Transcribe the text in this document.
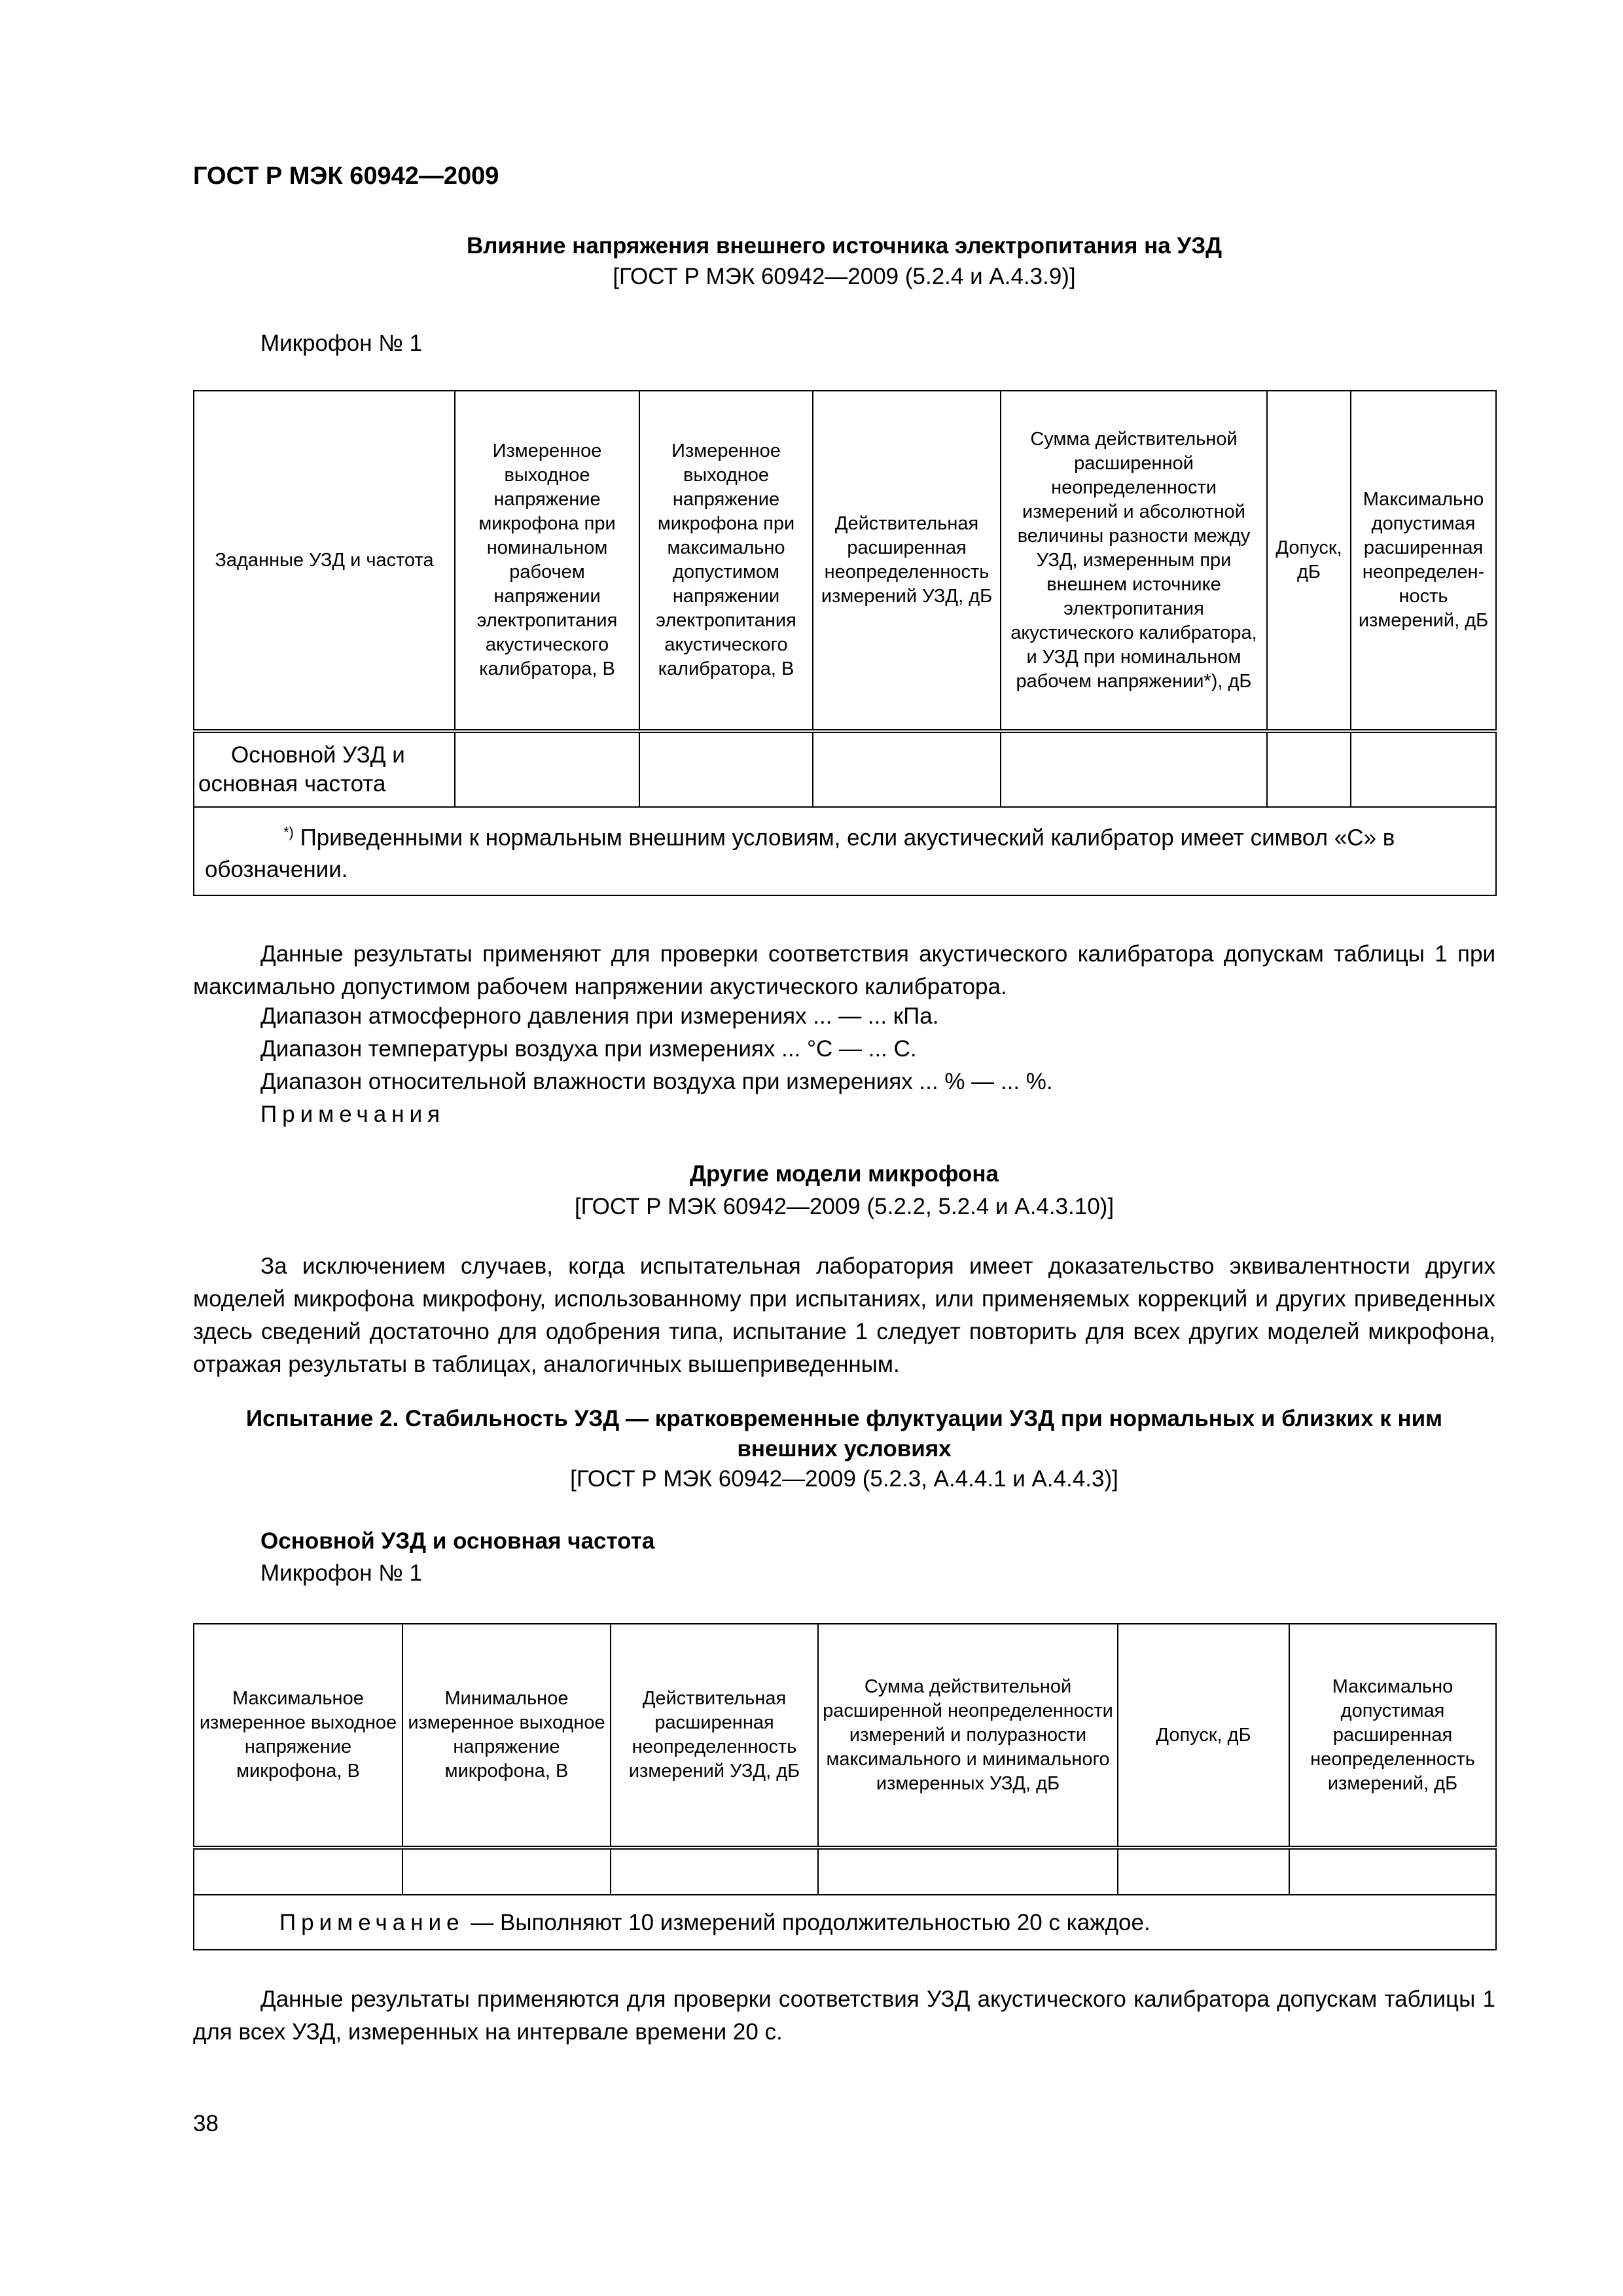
ГОСТ Р МЭК 60942—2009
Влияние напряжения внешнего источника электропитания на УЗД
[ГОСТ Р МЭК 60942—2009 (5.2.4 и А.4.3.9)]
Микрофон № 1
Заданные УЗД и частота	Измеренное выходное напряжение микрофона при номинальном рабочем напряжении электропитания акустического калибратора, В	Измеренное выходное напряжение микрофона при максимально допустимом напряжении электропитания акустического калибратора, В	Действительная расширенная неопределенность измерений УЗД, дБ	Сумма действительной расширенной неопределенности измерений и абсолютной величины разности между УЗД, измеренным при внешнем источнике электропитания акустического калибратора, и УЗД при номинальном рабочем напряжении*), дБ	Допуск, дБ	Максимально допустимая расширенная неопределен-ность измерений, дБ
Основной УЗД и основная частота						
*) Приведенными к нормальным внешним условиям, если акустический калибратор имеет символ «С» в обозначении.						
Данные результаты применяют для проверки соответствия акустического калибратора допускам таблицы 1 при максимально допустимом рабочем напряжении акустического калибратора.
Диапазон атмосферного давления при измерениях ... — ... кПа.
Диапазон температуры воздуха при измерениях ... °С — ... С.
Диапазон относительной влажности воздуха при измерениях ... % — ... %.
Примечания
Другие модели микрофона
[ГОСТ Р МЭК 60942—2009 (5.2.2, 5.2.4 и А.4.3.10)]
За исключением случаев, когда испытательная лаборатория имеет доказательство эквивалентности других моделей микрофона микрофону, использованному при испытаниях, или применяемых коррекций и других приведенных здесь сведений достаточно для одобрения типа, испытание 1 следует повторить для всех других моделей микрофона, отражая результаты в таблицах, аналогичных вышеприведенным.
Испытание 2. Стабильность УЗД — кратковременные флуктуации УЗД при нормальных и близких к ним
внешних условиях
[ГОСТ Р МЭК 60942—2009 (5.2.3, А.4.4.1 и А.4.4.3)]
Основной УЗД и основная частота
Микрофон № 1
Максимальное измеренное выходное напряжение микрофона, В	Минимальное измеренное выходное напряжение микрофона, В	Действительная расширенная неопределенность измерений УЗД, дБ	Сумма действительной расширенной неопределенности измерений и полуразности максимального и минимального измеренных УЗД, дБ	Допуск, дБ	Максимально допустимая расширенная неопределенность измерений, дБ

Примечание — Выполняют 10 измерений продолжительностью 20 с каждое.					
Данные результаты применяются для проверки соответствия УЗД акустического калибратора допускам таблицы 1 для всех УЗД, измеренных на интервале времени 20 с.
38
